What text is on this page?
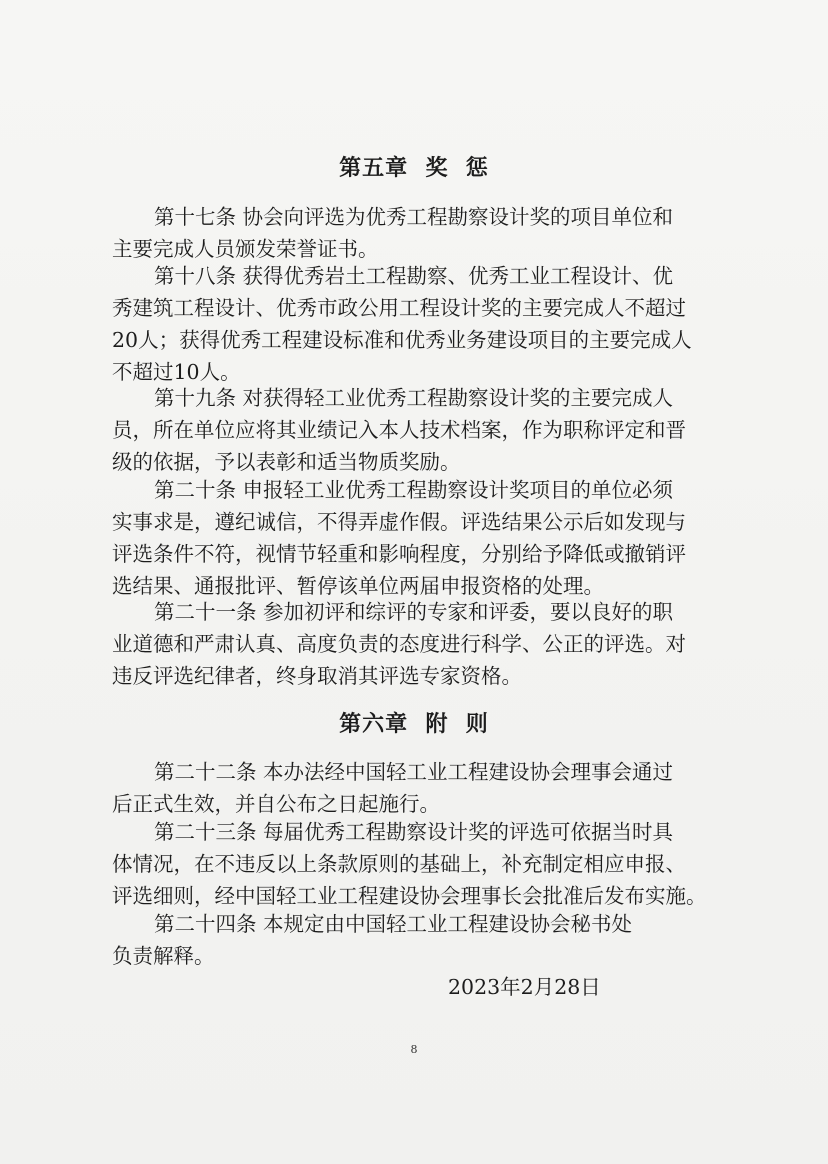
第五章  奖  惩
第十七条 协会向评选为优秀工程勘察设计奖的项目单位和
主要完成人员颁发荣誉证书。
第十八条 获得优秀岩土工程勘察、优秀工业工程设计、优
秀建筑工程设计、优秀市政公用工程设计奖的主要完成人不超过
20人；获得优秀工程建设标准和优秀业务建设项目的主要完成人
不超过10人。
第十九条 对获得轻工业优秀工程勘察设计奖的主要完成人
员，所在单位应将其业绩记入本人技术档案，作为职称评定和晋
级的依据，予以表彰和适当物质奖励。
第二十条 申报轻工业优秀工程勘察设计奖项目的单位必须
实事求是，遵纪诚信，不得弄虚作假。评选结果公示后如发现与
评选条件不符，视情节轻重和影响程度，分别给予降低或撤销评
选结果、通报批评、暂停该单位两届申报资格的处理。
第二十一条 参加初评和综评的专家和评委，要以良好的职
业道德和严肃认真、高度负责的态度进行科学、公正的评选。对
违反评选纪律者，终身取消其评选专家资格。
第六章  附  则
第二十二条 本办法经中国轻工业工程建设协会理事会通过
后正式生效，并自公布之日起施行。
第二十三条 每届优秀工程勘察设计奖的评选可依据当时具
体情况，在不违反以上条款原则的基础上，补充制定相应申报、
评选细则，经中国轻工业工程建设协会理事长会批准后发布实施。
第二十四条 本规定由中国轻工业工程建设协会秘书处
负责解释。
2023年2月28日
8
